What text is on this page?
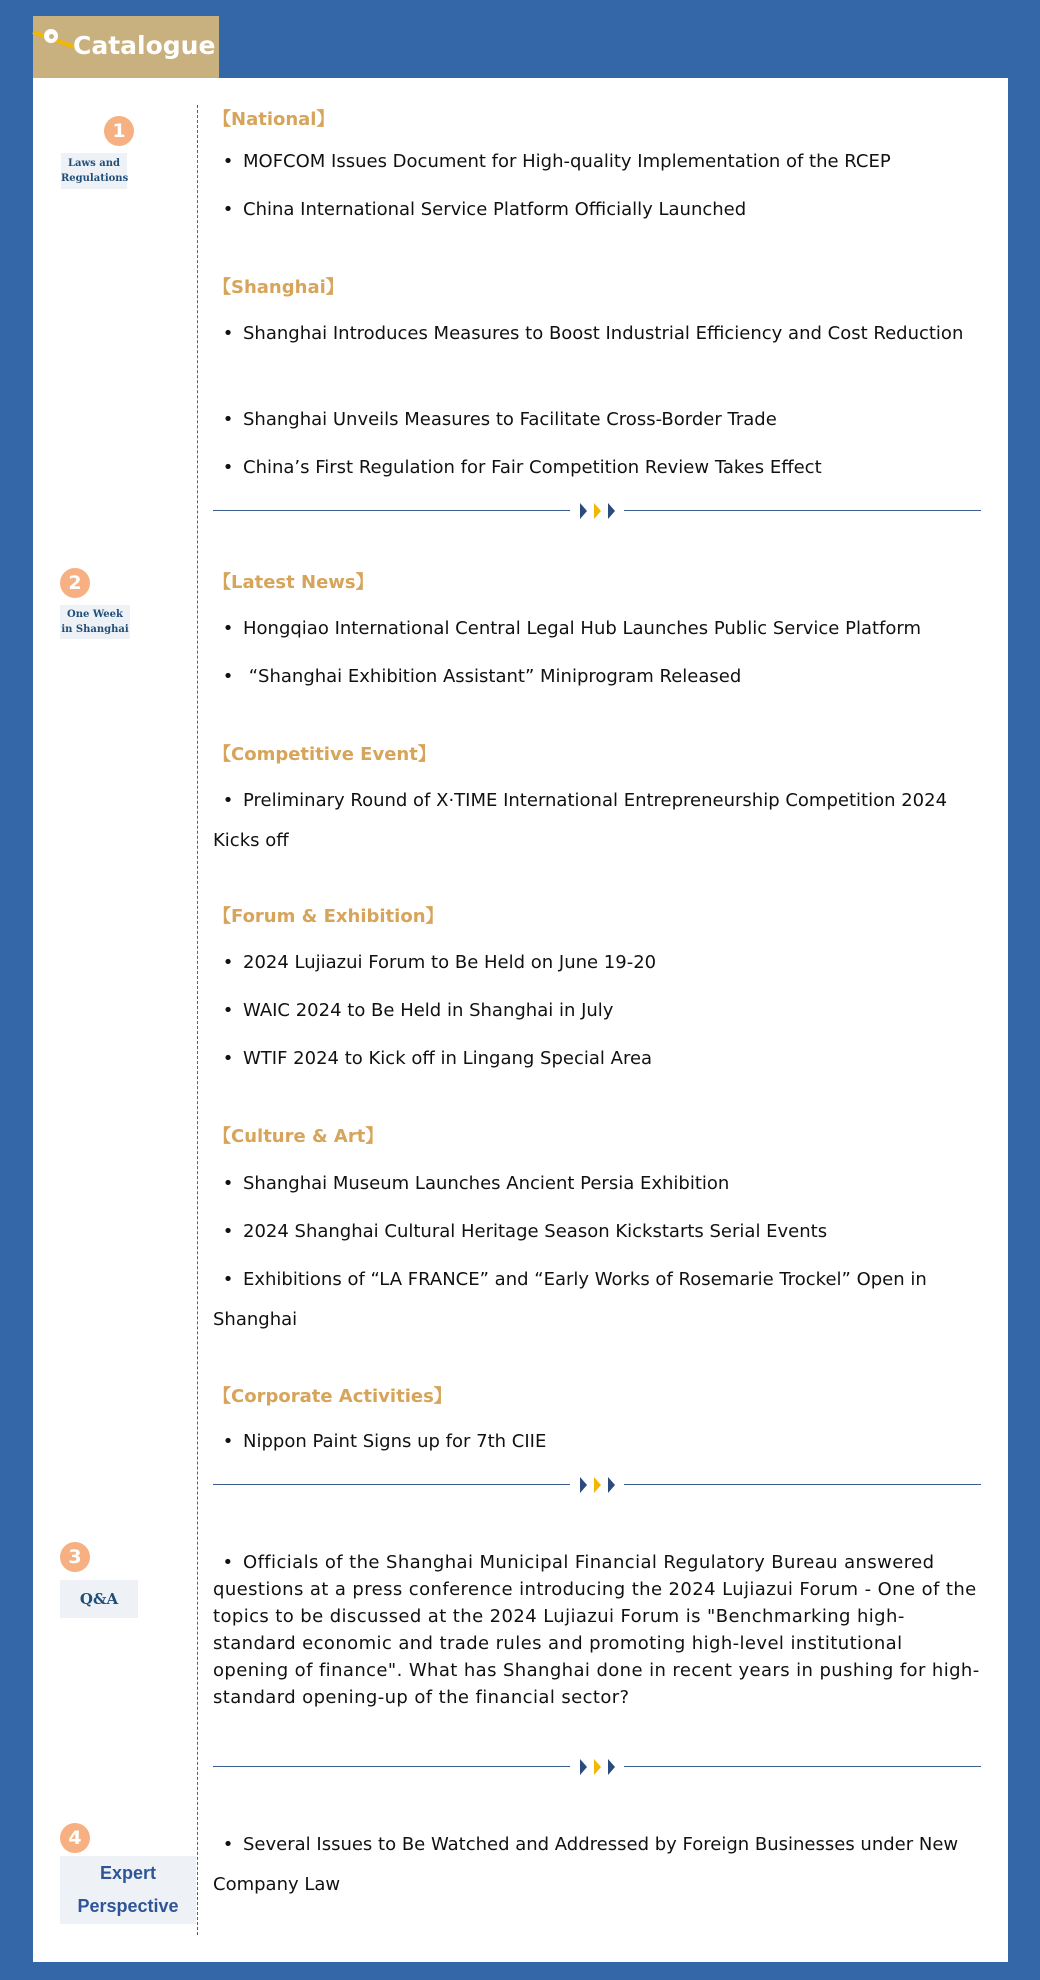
Catalogue
1
Laws and
Regulations

【National】

• MOFCOM Issues Document for High-quality Implementation of the RCEP

• China International Service Platform Officially Launched

【Shanghai】

• Shanghai Introduces Measures to Boost Industrial Efficiency and Cost Reduction

• Shanghai Unveils Measures to Facilitate Cross-Border Trade

• China’s First Regulation for Fair Competition Review Takes Effect

2
One Week
in Shanghai

【Latest News】

• Hongqiao International Central Legal Hub Launches Public Service Platform

• “Shanghai Exhibition Assistant” Miniprogram Released

【Competitive Event】

• Preliminary Round of X·TIME International Entrepreneurship Competition 2024 Kicks off

【Forum & Exhibition】

• 2024 Lujiazui Forum to Be Held on June 19-20

• WAIC 2024 to Be Held in Shanghai in July

• WTIF 2024 to Kick off in Lingang Special Area

【Culture & Art】

• Shanghai Museum Launches Ancient Persia Exhibition

• 2024 Shanghai Cultural Heritage Season Kickstarts Serial Events

• Exhibitions of “LA FRANCE” and “Early Works of Rosemarie Trockel” Open in Shanghai

【Corporate Activities】

• Nippon Paint Signs up for 7th CIIE

3
Q&A

• Officials of the Shanghai Municipal Financial Regulatory Bureau answered questions at a press conference introducing the 2024 Lujiazui Forum - One of the topics to be discussed at the 2024 Lujiazui Forum is "Benchmarking high-standard economic and trade rules and promoting high-level institutional opening of finance". What has Shanghai done in recent years in pushing for high-standard opening-up of the financial sector?

4
Expert
Perspective

• Several Issues to Be Watched and Addressed by Foreign Businesses under New Company Law
